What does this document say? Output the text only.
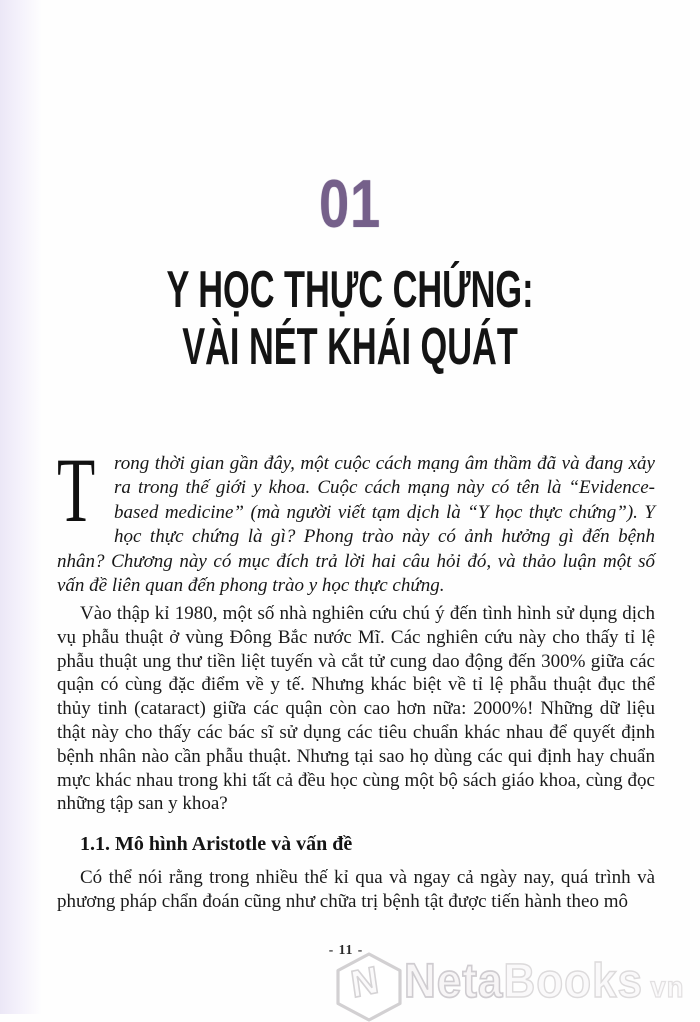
01
Y HỌC THỰC CHỨNG:
VÀI NÉT KHÁI QUÁT

Trong thời gian gần đây, một cuộc cách mạng âm thầm đã và đang xảy ra trong thế giới y khoa. Cuộc cách mạng này có tên là “Evidence-based medicine” (mà người viết tạm dịch là “Y học thực chứng”). Y học thực chứng là gì? Phong trào này có ảnh hưởng gì đến bệnh nhân? Chương này có mục đích trả lời hai câu hỏi đó, và thảo luận một số vấn đề liên quan đến phong trào y học thực chứng.

Vào thập kỉ 1980, một số nhà nghiên cứu chú ý đến tình hình sử dụng dịch vụ phẫu thuật ở vùng Đông Bắc nước Mĩ. Các nghiên cứu này cho thấy tỉ lệ phẫu thuật ung thư tiền liệt tuyến và cắt tử cung dao động đến 300% giữa các quận có cùng đặc điểm về y tế. Nhưng khác biệt về tỉ lệ phẫu thuật đục thể thủy tinh (cataract) giữa các quận còn cao hơn nữa: 2000%! Những dữ liệu thật này cho thấy các bác sĩ sử dụng các tiêu chuẩn khác nhau để quyết định bệnh nhân nào cần phẫu thuật. Nhưng tại sao họ dùng các qui định hay chuẩn mực khác nhau trong khi tất cả đều học cùng một bộ sách giáo khoa, cùng đọc những tập san y khoa?

1.1. Mô hình Aristotle và vấn đề

Có thể nói rằng trong nhiều thế kỉ qua và ngay cả ngày nay, quá trình và phương pháp chẩn đoán cũng như chữa trị bệnh tật được tiến hành theo mô

- 11 -
N NetaBooks vn
